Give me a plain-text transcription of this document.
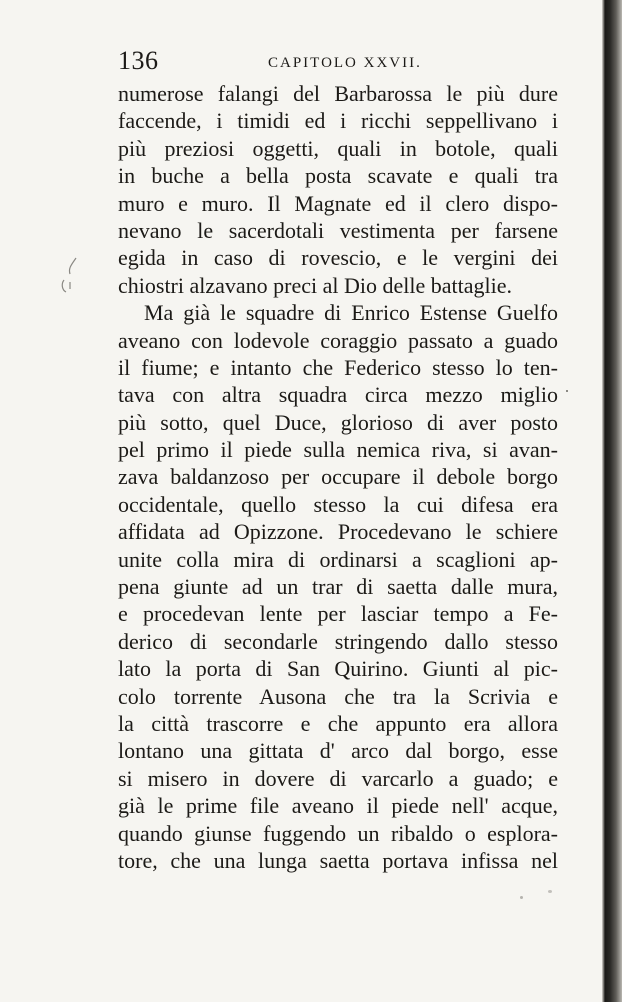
136	CAPITOLO XXVII.
numerose falangi del Barbarossa le più dure
faccende, i timidi ed i ricchi seppellivano i
più preziosi oggetti, quali in botole, quali
in buche a bella posta scavate e quali tra
muro e muro. Il Magnate ed il clero dispo-
nevano le sacerdotali vestimenta per farsene
egida in caso di rovescio, e le vergini dei
chiostri alzavano preci al Dio delle battaglie.
Ma già le squadre di Enrico Estense Guelfo
aveano con lodevole coraggio passato a guado
il fiume; e intanto che Federico stesso lo ten-
tava con altra squadra circa mezzo miglio
più sotto, quel Duce, glorioso di aver posto
pel primo il piede sulla nemica riva, si avan-
zava baldanzoso per occupare il debole borgo
occidentale, quello stesso la cui difesa era
affidata ad Opizzone. Procedevano le schiere
unite colla mira di ordinarsi a scaglioni ap-
pena giunte ad un trar di saetta dalle mura,
e procedevan lente per lasciar tempo a Fe-
derico di secondarle stringendo dallo stesso
lato la porta di San Quirino. Giunti al pic-
colo torrente Ausona che tra la Scrivia e
la città trascorre e che appunto era allora
lontano una gittata d' arco dal borgo, esse
si misero in dovere di varcarlo a guado; e
già le prime file aveano il piede nell' acque,
quando giunse fuggendo un ribaldo o esplora-
tore, che una lunga saetta portava infissa nel
